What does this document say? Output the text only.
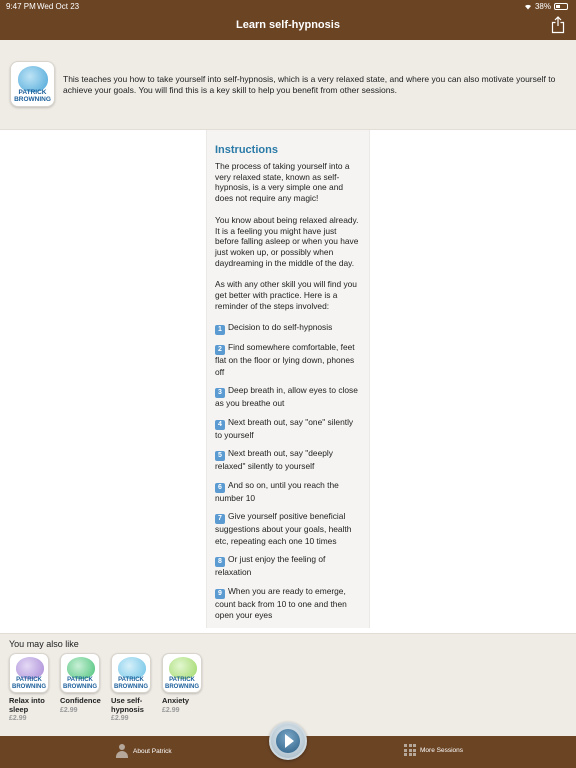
9:47 PM Wed Oct 23	38%
Learn self-hypnosis
PATRICK BROWNING
This teaches you how to take yourself into self-hypnosis, which is a very relaxed state, and where you can also motivate yourself to achieve your goals. You will find this is a key skill to help you benefit from other sessions.
Instructions

The process of taking yourself into a very relaxed state, known as self-hypnosis, is a very simple one and does not require any magic!

You know about being relaxed already. It is a feeling you might have just before falling asleep or when you have just woken up, or possibly when daydreaming in the middle of the day.

As with any other skill you will find you get better with practice. Here is a reminder of the steps involved:

1 Decision to do self-hypnosis
2 Find somewhere comfortable, feet flat on the floor or lying down, phones off
3 Deep breath in, allow eyes to close as you breathe out
4 Next breath out, say "one" silently to yourself
5 Next breath out, say "deeply relaxed" silently to yourself
6 And so on, until you reach the number 10
7 Give yourself positive beneficial suggestions about your goals, health etc, repeating each one 10 times
8 Or just enjoy the feeling of relaxation
9 When you are ready to emerge, count back from 10 to one and then open your eyes
You may also like
PATRICK BROWNING
Relax into sleep
£2.99
PATRICK BROWNING
Confidence
£2.99
PATRICK BROWNING
Use self-hypnosis
£2.99
PATRICK BROWNING
Anxiety
£2.99
About Patrick	More Sessions
